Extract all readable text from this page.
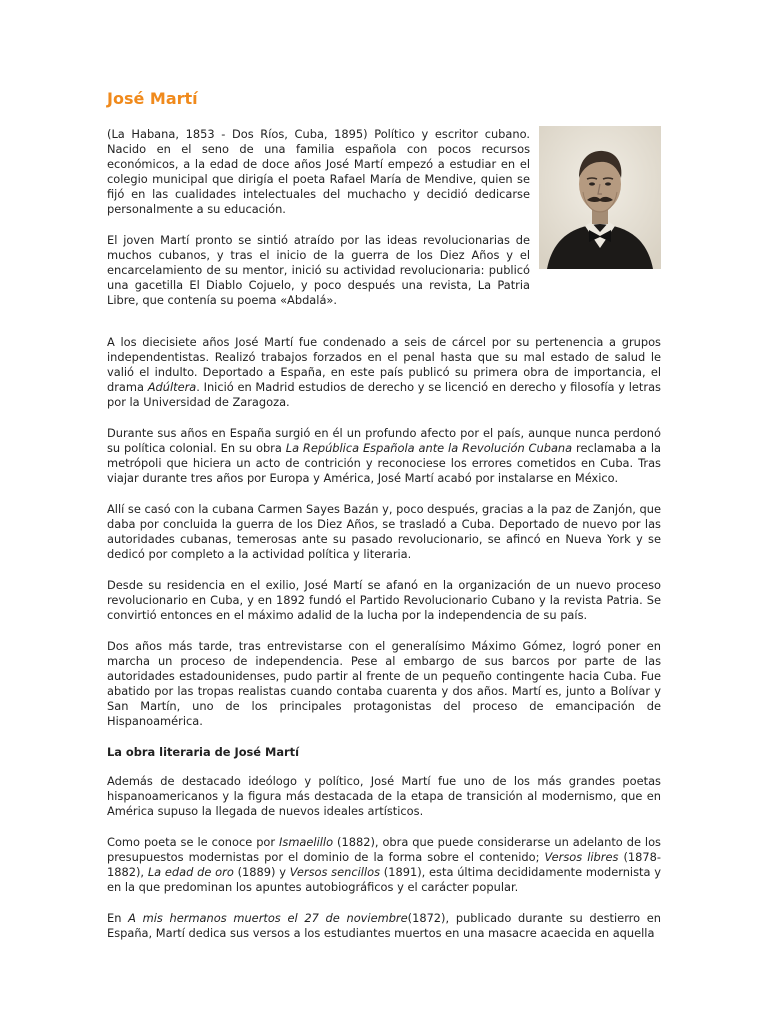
José Martí

(La Habana, 1853 - Dos Ríos, Cuba, 1895) Político y escritor cubano. Nacido en el seno de una familia española con pocos recursos económicos, a la edad de doce años José Martí empezó a estudiar en el colegio municipal que dirigía el poeta Rafael María de Mendive, quien se fijó en las cualidades intelectuales del muchacho y decidió dedicarse personalmente a su educación.

El joven Martí pronto se sintió atraído por las ideas revolucionarias de muchos cubanos, y tras el inicio de la guerra de los Diez Años y el encarcelamiento de su mentor, inició su actividad revolucionaria: publicó una gacetilla El Diablo Cojuelo, y poco después una revista, La Patria Libre, que contenía su poema «Abdalá».

A los diecisiete años José Martí fue condenado a seis de cárcel por su pertenencia a grupos independentistas. Realizó trabajos forzados en el penal hasta que su mal estado de salud le valió el indulto. Deportado a España, en este país publicó su primera obra de importancia, el drama Adúltera. Inició en Madrid estudios de derecho y se licenció en derecho y filosofía y letras por la Universidad de Zaragoza.

Durante sus años en España surgió en él un profundo afecto por el país, aunque nunca perdonó su política colonial. En su obra La República Española ante la Revolución Cubana reclamaba a la metrópoli que hiciera un acto de contrición y reconociese los errores cometidos en Cuba. Tras viajar durante tres años por Europa y América, José Martí acabó por instalarse en México.

Allí se casó con la cubana Carmen Sayes Bazán y, poco después, gracias a la paz de Zanjón, que daba por concluida la guerra de los Diez Años, se trasladó a Cuba. Deportado de nuevo por las autoridades cubanas, temerosas ante su pasado revolucionario, se afincó en Nueva York y se dedicó por completo a la actividad política y literaria.

Desde su residencia en el exilio, José Martí se afanó en la organización de un nuevo proceso revolucionario en Cuba, y en 1892 fundó el Partido Revolucionario Cubano y la revista Patria. Se convirtió entonces en el máximo adalid de la lucha por la independencia de su país.

Dos años más tarde, tras entrevistarse con el generalísimo Máximo Gómez, logró poner en marcha un proceso de independencia. Pese al embargo de sus barcos por parte de las autoridades estadounidenses, pudo partir al frente de un pequeño contingente hacia Cuba. Fue abatido por las tropas realistas cuando contaba cuarenta y dos años. Martí es, junto a Bolívar y San Martín, uno de los principales protagonistas del proceso de emancipación de Hispanoamérica.

La obra literaria de José Martí

Además de destacado ideólogo y político, José Martí fue uno de los más grandes poetas hispanoamericanos y la figura más destacada de la etapa de transición al modernismo, que en América supuso la llegada de nuevos ideales artísticos.

Como poeta se le conoce por Ismaelillo (1882), obra que puede considerarse un adelanto de los presupuestos modernistas por el dominio de la forma sobre el contenido; Versos libres (1878-1882), La edad de oro (1889) y Versos sencillos (1891), esta última decididamente modernista y en la que predominan los apuntes autobiográficos y el carácter popular.

En A mis hermanos muertos el 27 de noviembre(1872), publicado durante su destierro en España, Martí dedica sus versos a los estudiantes muertos en una masacre acaecida en aquella
